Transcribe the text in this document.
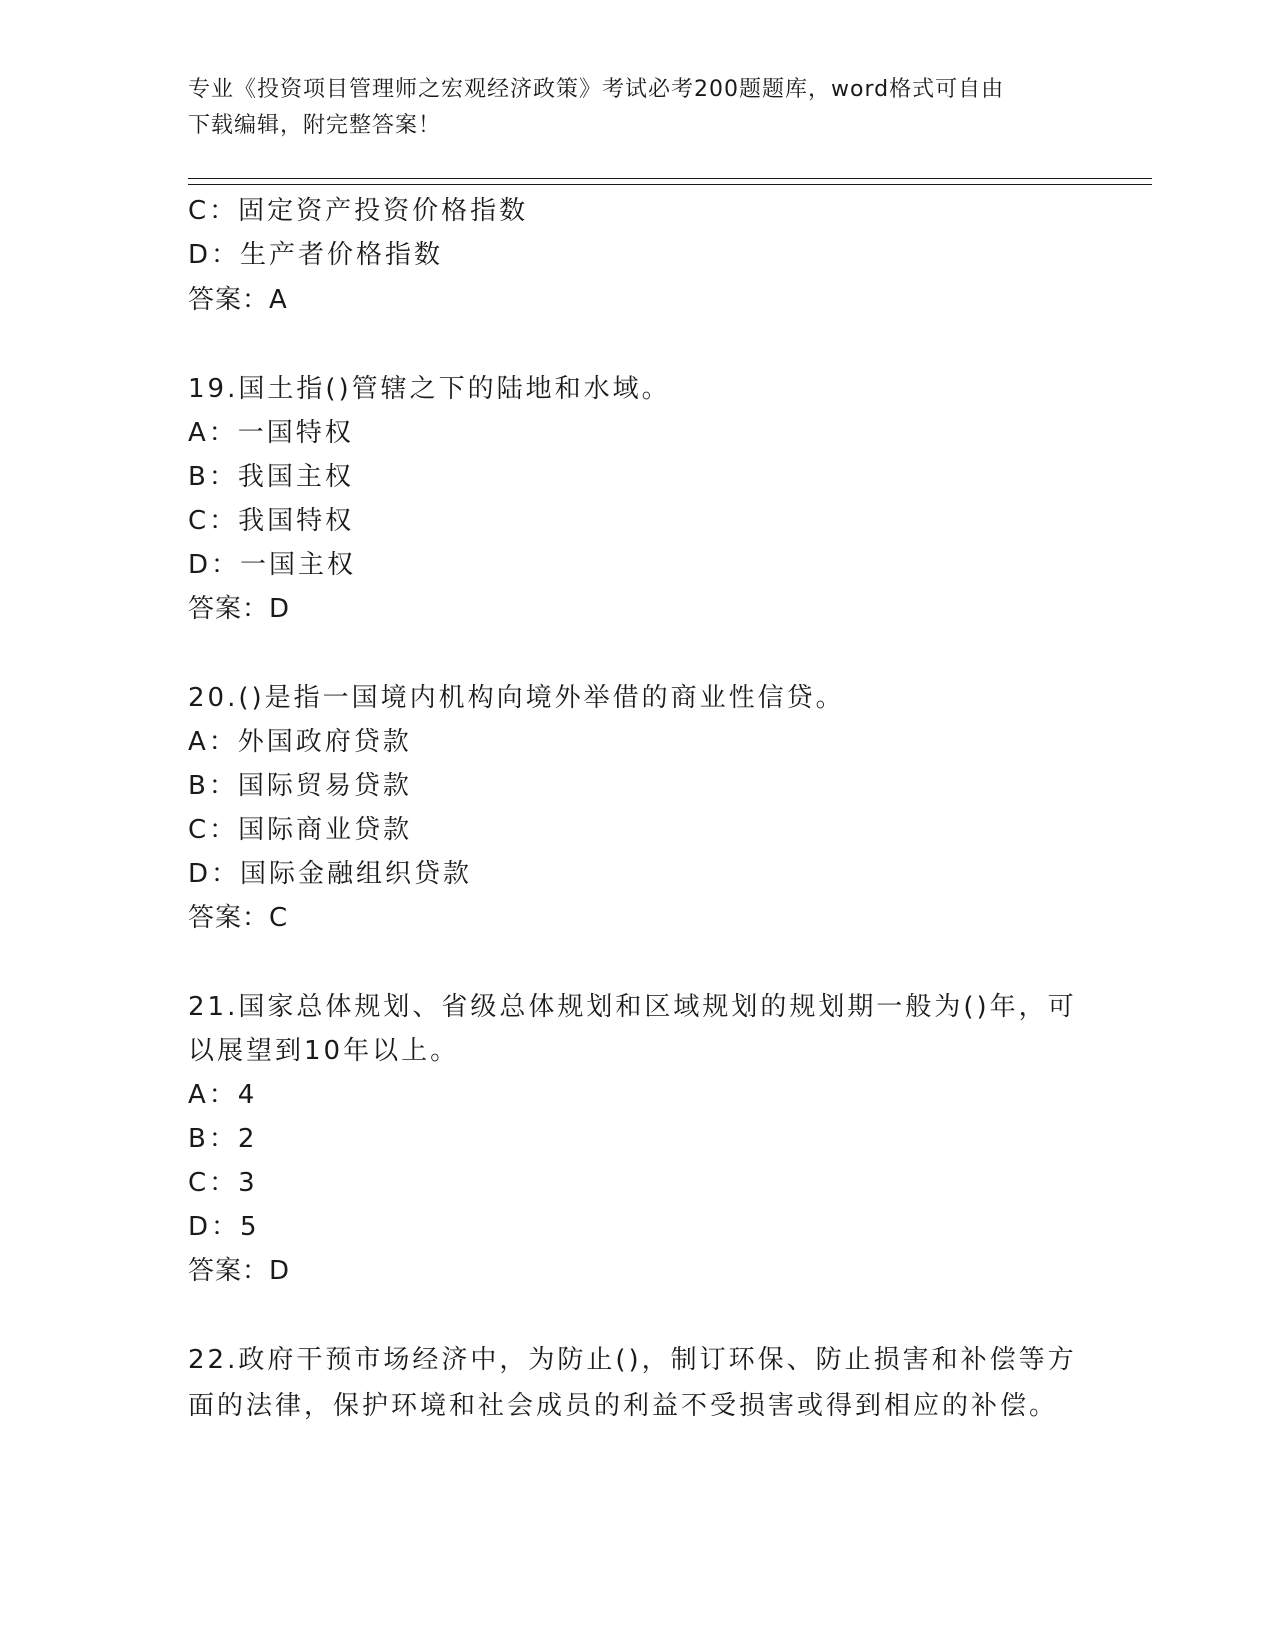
专业《投资项目管理师之宏观经济政策》考试必考200题题库，word格式可自由
下载编辑，附完整答案！
C：固定资产投资价格指数
D：生产者价格指数
答案：A
19.国土指()管辖之下的陆地和水域。
A：一国特权
B：我国主权
C：我国特权
D：一国主权
答案：D
20.()是指一国境内机构向境外举借的商业性信贷。
A：外国政府贷款
B：国际贸易贷款
C：国际商业贷款
D：国际金融组织贷款
答案：C
21.国家总体规划、省级总体规划和区域规划的规划期一般为()年，可
以展望到10年以上。
A：4
B：2
C：3
D：5
答案：D
22.政府干预市场经济中，为防止()，制订环保、防止损害和补偿等方
面的法律，保护环境和社会成员的利益不受损害或得到相应的补偿。
